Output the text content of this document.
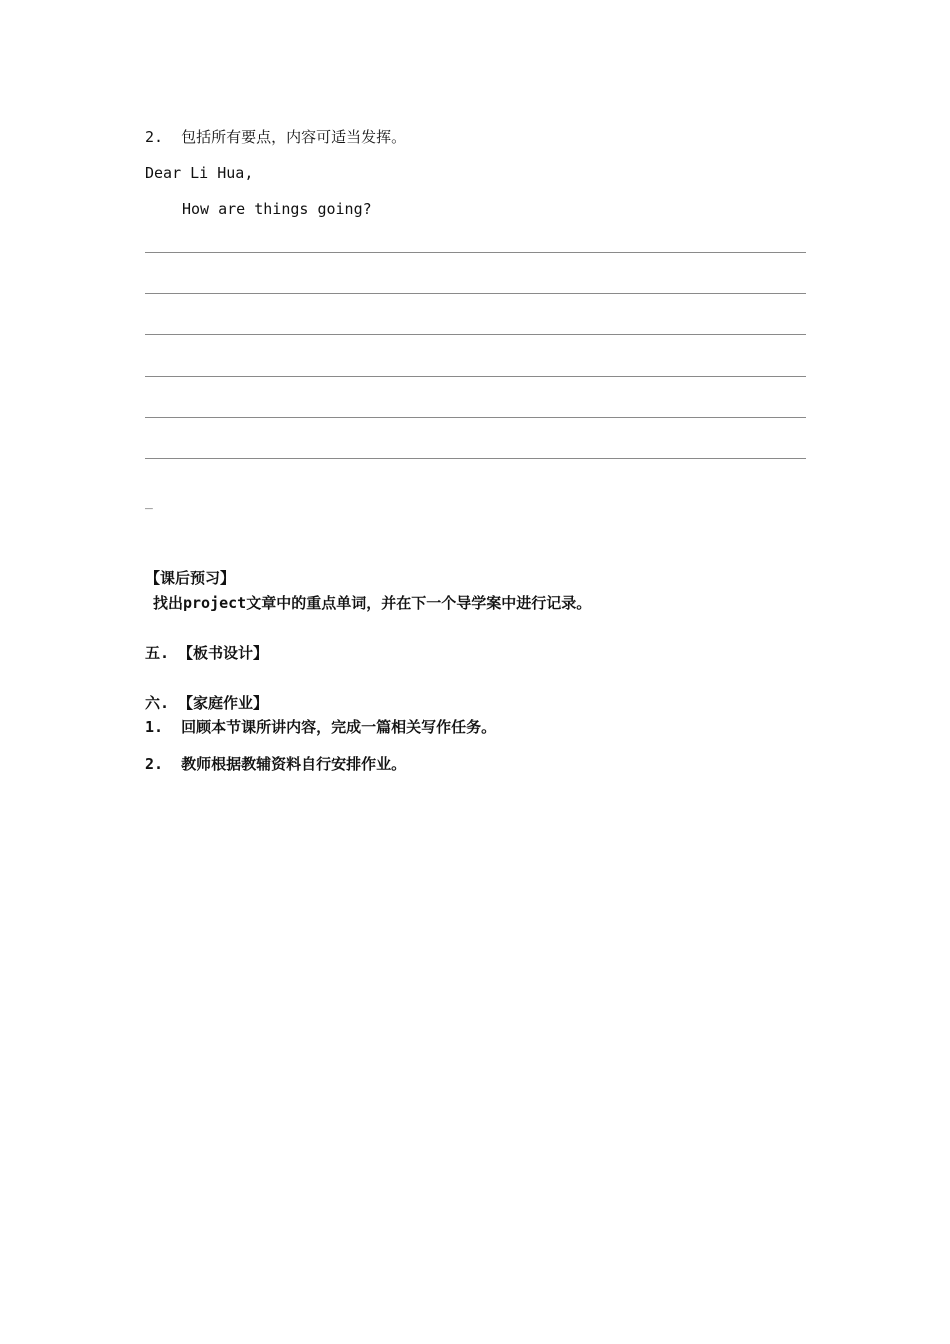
2.  包括所有要点，内容可适当发挥。
Dear Li Hua,
How are things going?
_
【课后预习】
找出project文章中的重点单词，并在下一个导学案中进行记录。
五. 【板书设计】
六. 【家庭作业】
1.  回顾本节课所讲内容，完成一篇相关写作任务。
2.  教师根据教辅资料自行安排作业。
